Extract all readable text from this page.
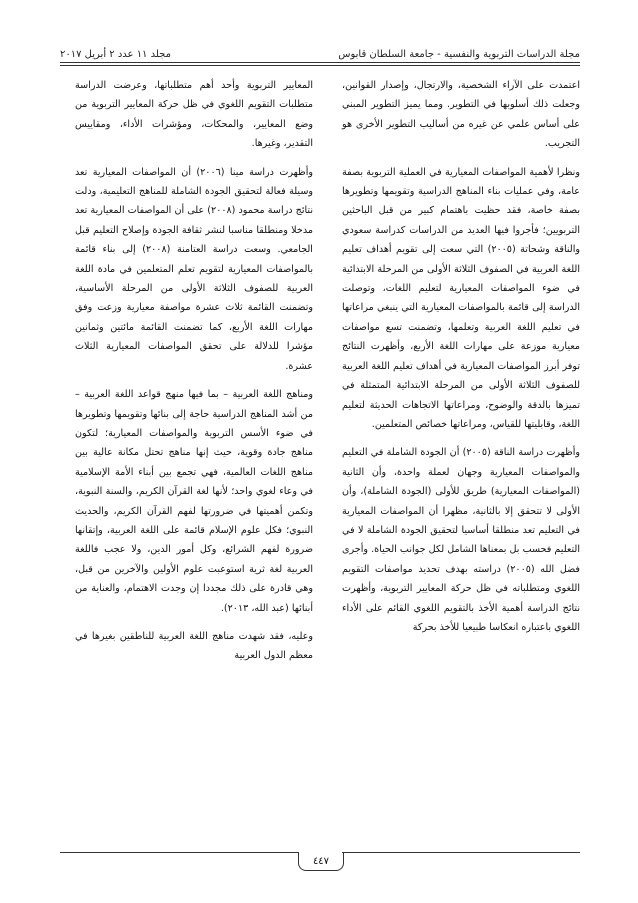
مجلة الدراسات التربوية والنفسية - جامعة السلطان قابوس
مجلد ١١ عدد ٢ أبريل ٢٠١٧

اعتمدت على الآراء الشخصية، والارتجال، وإصدار القوانين، وجعلت ذلك أسلوبها في التطوير. ومما يميز التطوير المبني على أساس علمي عن غيره من أساليب التطوير الأخرى هو التجريب.

ونظرا لأهمية المواصفات المعيارية في العملية التربوية بصفة عامة، وفي عمليات بناء المناهج الدراسية وتقويمها وتطويرها بصفة خاصة، فقد حظيت باهتمام كبير من قبل الباحثين التربويين؛ فأجروا فيها العديد من الدراسات كدراسة سعودي والناقة وشحاتة (٢٠٠٥) التي سعت إلى تقويم أهداف تعليم اللغة العربية في الصفوف الثلاثة الأولى من المرحلة الابتدائية في ضوء المواصفات المعيارية لتعليم اللغات، وتوصلت الدراسة إلى قائمة بالمواصفات المعيارية التي ينبغي مراعاتها في تعليم اللغة العربية وتعلمها، وتضمنت تسع مواصفات معيارية موزعة على مهارات اللغة الأربع، وأظهرت النتائج توفر أبرز المواصفات المعيارية في أهداف تعليم اللغة العربية للصفوف الثلاثة الأولى من المرحلة الابتدائية المتمثلة في تميزها بالدقة والوضوح، ومراعاتها الاتجاهات الحديثة لتعليم اللغة، وقابليتها للقياس، ومراعاتها خصائص المتعلمين.

وأظهرت دراسة الناقة (٢٠٠٥) أن الجودة الشاملة في التعليم والمواصفات المعيارية وجهان لعملة واحدة، وأن الثانية (المواصفات المعيارية) طريق للأولى (الجودة الشاملة)، وأن الأولى لا تتحقق إلا بالثانية، مظهرا أن المواصفات المعيارية في التعليم تعد منطلقا أساسيا لتحقيق الجودة الشاملة لا في التعليم فحسب بل بمعناها الشامل لكل جوانب الحياة. وأجرى فضل الله (٢٠٠٥) دراسته بهدف تحديد مواصفات التقويم اللغوي ومتطلباته في ظل حركة المعايير التربوية، وأظهرت نتائج الدراسة أهمية الأخذ بالتقويم اللغوي القائم على الأداء اللغوي باعتباره انعكاسا طبيعيا للأخذ بحركة

المعايير التربوية وأحد أهم متطلباتها، وعرضت الدراسة متطلبات التقويم اللغوي في ظل حركة المعايير التربوية من وضع المعايير، والمحكات، ومؤشرات الأداء، ومقاييس التقدير، وغيرها.

وأظهرت دراسة مينا (٢٠٠٦) أن المواصفات المعيارية تعد وسيلة فعالة لتحقيق الجودة الشاملة للمناهج التعليمية، ودلت نتائج دراسة محمود (٢٠٠٨) على أن المواصفات المعيارية تعد مدخلا ومنطلقا مناسبا لنشر ثقافة الجودة وإصلاح التعليم قبل الجامعي. وسعت دراسة العتامنة (٢٠٠٨) إلى بناء قائمة بالمواصفات المعيارية لتقويم تعلم المتعلمين في مادة اللغة العربية للصفوف الثلاثة الأولى من المرحلة الأساسية، وتضمنت القائمة ثلاث عشرة مواصفة معيارية وزعت وفق مهارات اللغة الأربع، كما تضمنت القائمة مائتين وثمانين مؤشرا للدلالة على تحقق المواصفات المعيارية الثلاث عشرة.

ومناهج اللغة العربية – بما فيها منهج قواعد اللغة العربية – من أشد المناهج الدراسية حاجة إلى بنائها وتقويمها وتطويرها في ضوء الأسس التربوية والمواصفات المعيارية؛ لتكون مناهج جادة وقوية، حيث إنها مناهج تحتل مكانة عالية بين مناهج اللغات العالمية، فهي تجمع بين أبناء الأمة الإسلامية في وعاء لغوي واحد؛ لأنها لغة القرآن الكريم، والسنة النبوية، وتكمن أهميتها في ضرورتها لفهم القرآن الكريم، والحديث النبوي؛ فكل علوم الإسلام قائمة على اللغة العربية، وإتقانها ضرورة لفهم الشرائع، وكل أمور الدين، ولا عجب فاللغة العربية لغة ثرية استوعبت علوم الأولين والآخرين من قبل، وهي قادرة على ذلك مجددا إن وجدت الاهتمام، والعناية من أبنائها (عبد الله، ٢٠١٣).

وعليه، فقد شهدت مناهج اللغة العربية للناطقين بغيرها في معظم الدول العربية

٤٤٧
